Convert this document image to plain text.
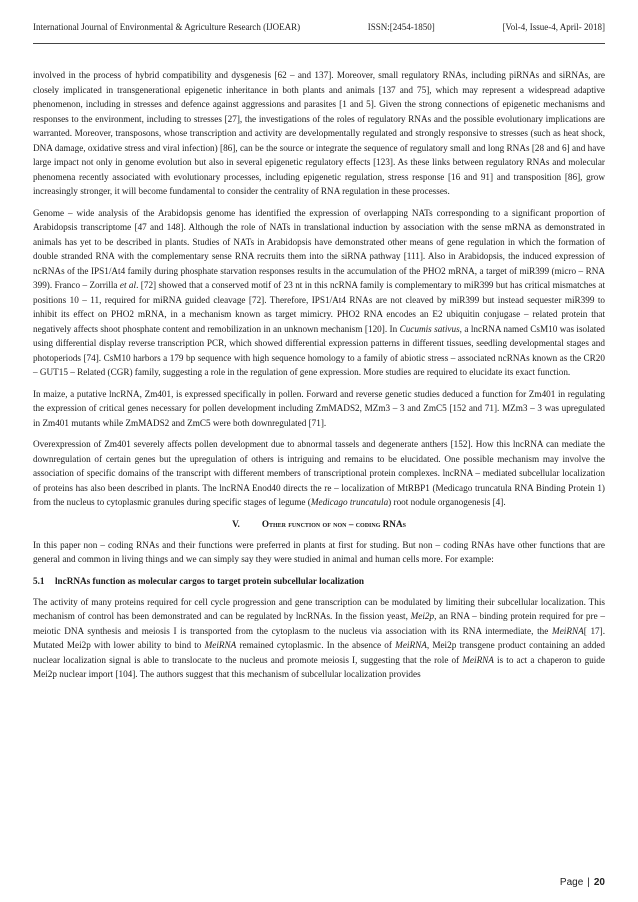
International Journal of Environmental & Agriculture Research (IJOEAR)	ISSN:[2454-1850]	[Vol-4, Issue-4, April- 2018]

involved in the process of hybrid compatibility and dysgenesis [62 – and 137]. Moreover, small regulatory RNAs, including piRNAs and siRNAs, are closely implicated in transgenerational epigenetic inheritance in both plants and animals [137 and 75], which may represent a widespread adaptive phenomenon, including in stresses and defence against aggressions and parasites [1 and 5]. Given the strong connections of epigenetic mechanisms and responses to the environment, including to stresses [27], the investigations of the roles of regulatory RNAs and the possible evolutionary implications are warranted. Moreover, transposons, whose transcription and activity are developmentally regulated and strongly responsive to stresses (such as heat shock, DNA damage, oxidative stress and viral infection) [86], can be the source or integrate the sequence of regulatory small and long RNAs [28 and 6] and have large impact not only in genome evolution but also in several epigenetic regulatory effects [123]. As these links between regulatory RNAs and molecular phenomena recently associated with evolutionary processes, including epigenetic regulation, stress response [16 and 91] and transposition [86], grow increasingly stronger, it will become fundamental to consider the centrality of RNA regulation in these processes.

Genome – wide analysis of the Arabidopsis genome has identified the expression of overlapping NATs corresponding to a significant proportion of Arabidopsis transcriptome [47 and 148]. Although the role of NATs in translational induction by association with the sense mRNA as demonstrated in animals has yet to be described in plants. Studies of NATs in Arabidopsis have demonstrated other means of gene regulation in which the formation of double stranded RNA with the complementary sense RNA recruits them into the siRNA pathway [111]. Also in Arabidopsis, the induced expression of ncRNAs of the IPS1/At4 family during phosphate starvation responses results in the accumulation of the PHO2 mRNA, a target of miR399 (micro – RNA 399). Franco – Zorrilla et al. [72] showed that a conserved motif of 23 nt in this ncRNA family is complementary to miR399 but has critical mismatches at positions 10 – 11, required for miRNA guided cleavage [72]. Therefore, IPS1/At4 RNAs are not cleaved by miR399 but instead sequester miR399 to inhibit its effect on PHO2 mRNA, in a mechanism known as target mimicry. PHO2 RNA encodes an E2 ubiquitin conjugase – related protein that negatively affects shoot phosphate content and remobilization in an unknown mechanism [120]. In Cucumis sativus, a lncRNA named CsM10 was isolated using differential display reverse transcription PCR, which showed differential expression patterns in different tissues, seedling developmental stages and photoperiods [74]. CsM10 harbors a 179 bp sequence with high sequence homology to a family of abiotic stress – associated ncRNAs known as the CR20 – GUT15 – Related (CGR) family, suggesting a role in the regulation of gene expression. More studies are required to elucidate its exact function.

In maize, a putative lncRNA, Zm401, is expressed specifically in pollen. Forward and reverse genetic studies deduced a function for Zm401 in regulating the expression of critical genes necessary for pollen development including ZmMADS2, MZm3 – 3 and ZmC5 [152 and 71]. MZm3 – 3 was upregulated in Zm401 mutants while ZmMADS2 and ZmC5 were both downregulated [71].

Overexpression of Zm401 severely affects pollen development due to abnormal tassels and degenerate anthers [152]. How this lncRNA can mediate the downregulation of certain genes but the upregulation of others is intriguing and remains to be elucidated. One possible mechanism may involve the association of specific domains of the transcript with different members of transcriptional protein complexes. lncRNA – mediated subcellular localization of proteins has also been described in plants. The lncRNA Enod40 directs the re – localization of MtRBP1 (Medicago truncatula RNA Binding Protein 1) from the nucleus to cytoplasmic granules during specific stages of legume (Medicago truncatula) root nodule organogenesis [4].

V. Other function of non – coding RNAs

In this paper non – coding RNAs and their functions were preferred in plants at first for studing. But non – coding RNAs have other functions that are general and common in living things and we can simply say they were studied in animal and human cells more. For example:

5.1 lncRNAs function as molecular cargos to target protein subcellular localization

The activity of many proteins required for cell cycle progression and gene transcription can be modulated by limiting their subcellular localization. This mechanism of control has been demonstrated and can be regulated by lncRNAs. In the fission yeast, Mei2p, an RNA – binding protein required for pre – meiotic DNA synthesis and meiosis I is transported from the cytoplasm to the nucleus via association with its RNA intermediate, the MeiRNA[ 17]. Mutated Mei2p with lower ability to bind to MeiRNA remained cytoplasmic. In the absence of MeiRNA, Mei2p transgene product containing an added nuclear localization signal is able to translocate to the nucleus and promote meiosis I, suggesting that the role of MeiRNA is to act a chaperon to guide Mei2p nuclear import [104]. The authors suggest that this mechanism of subcellular localization provides

Page | 20
